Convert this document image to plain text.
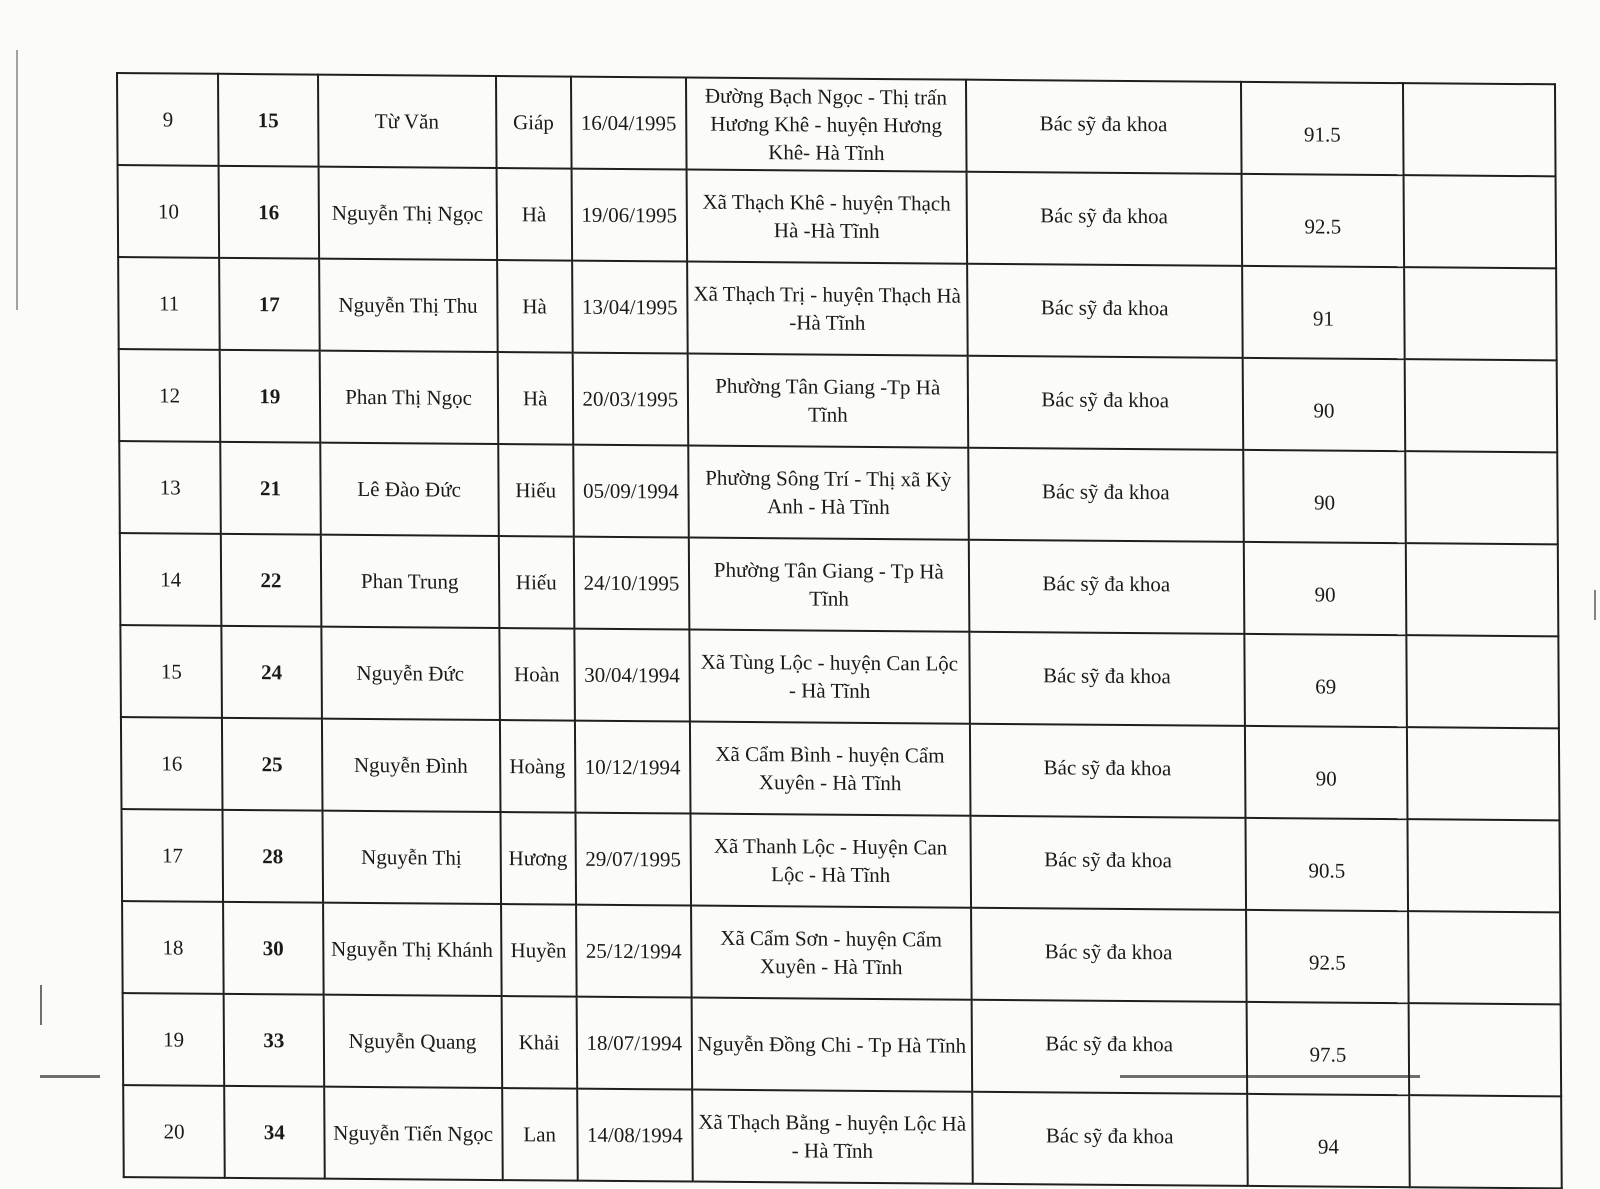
9	15	Từ Văn	Giáp	16/04/1995	Đường Bạch Ngọc - Thị trấn Hương Khê - huyện Hương Khê- Hà Tĩnh	Bác sỹ đa khoa	91.5	
10	16	Nguyễn Thị Ngọc	Hà	19/06/1995	Xã Thạch Khê - huyện Thạch Hà -Hà Tĩnh	Bác sỹ đa khoa	92.5	
11	17	Nguyễn Thị Thu	Hà	13/04/1995	Xã Thạch Trị - huyện Thạch Hà -Hà Tĩnh	Bác sỹ đa khoa	91	
12	19	Phan Thị Ngọc	Hà	20/03/1995	Phường Tân Giang -Tp Hà Tĩnh	Bác sỹ đa khoa	90	
13	21	Lê Đào Đức	Hiếu	05/09/1994	Phường Sông Trí - Thị xã Kỳ Anh - Hà Tĩnh	Bác sỹ đa khoa	90	
14	22	Phan Trung	Hiếu	24/10/1995	Phường Tân Giang - Tp Hà Tĩnh	Bác sỹ đa khoa	90	
15	24	Nguyễn Đức	Hoàn	30/04/1994	Xã Tùng Lộc - huyện Can Lộc - Hà Tĩnh	Bác sỹ đa khoa	69	
16	25	Nguyễn Đình	Hoàng	10/12/1994	Xã Cẩm Bình - huyện Cẩm Xuyên - Hà Tĩnh	Bác sỹ đa khoa	90	
17	28	Nguyễn Thị	Hương	29/07/1995	Xã Thanh Lộc - Huyện Can Lộc - Hà Tĩnh	Bác sỹ đa khoa	90.5	
18	30	Nguyễn Thị Khánh	Huyền	25/12/1994	Xã Cẩm Sơn - huyện Cẩm Xuyên - Hà Tĩnh	Bác sỹ đa khoa	92.5	
19	33	Nguyễn Quang	Khải	18/07/1994	Nguyễn Đồng Chi - Tp Hà Tĩnh	Bác sỹ đa khoa	97.5	
20	34	Nguyễn Tiến Ngọc	Lan	14/08/1994	Xã Thạch Bằng - huyện Lộc Hà - Hà Tĩnh	Bác sỹ đa khoa	94	
